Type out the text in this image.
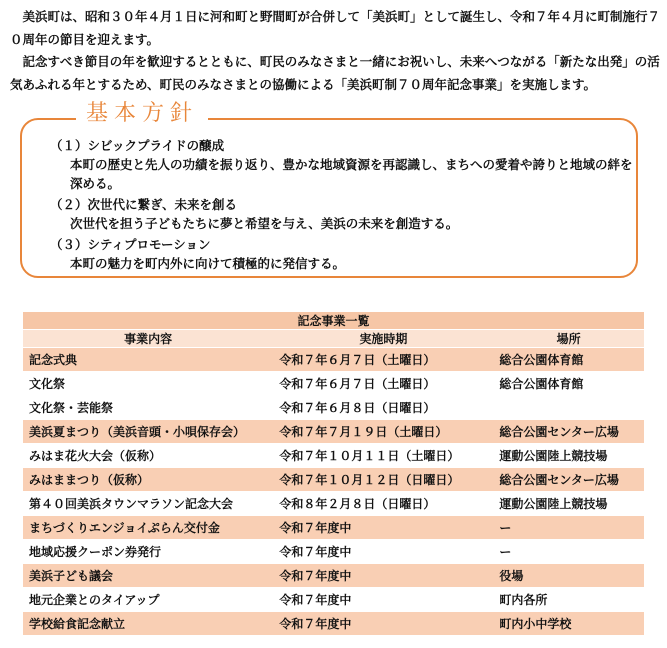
美浜町は、昭和３０年４月１日に河和町と野間町が合併して「美浜町」として誕生し、令和７年４月に町制施行７０周年の節目を迎えます。

記念すべき節目の年を歓迎するとともに、町民のみなさまと一緒にお祝いし、未来へつながる「新たな出発」の活気あふれる年とするため、町民のみなさまとの協働による「美浜町制７０周年記念事業」を実施します。

基本方針

（１）シビックプライドの醸成

本町の歴史と先人の功績を振り返り、豊かな地域資源を再認識し、まちへの愛着や誇りと地域の絆を深める。

（２）次世代に繋ぎ、未来を創る

次世代を担う子どもたちに夢と希望を与え、美浜の未来を創造する。

（３）シティプロモーション

本町の魅力を町内外に向けて積極的に発信する。

記念事業一覧		
事業内容	実施時期	場所
記念式典	令和７年６月７日（土曜日）	総合公園体育館
文化祭	令和７年６月７日（土曜日）	総合公園体育館
文化祭・芸能祭	令和７年６月８日（日曜日）	
美浜夏まつり（美浜音頭・小唄保存会）	令和７年７月１９日（土曜日）	総合公園センター広場
みはま花火大会（仮称）	令和７年１０月１１日（土曜日）	運動公園陸上競技場
みはままつり（仮称）	令和７年１０月１２日（日曜日）	総合公園センター広場
第４０回美浜タウンマラソン記念大会	令和８年２月８日（日曜日）	運動公園陸上競技場
まちづくりエンジョイぷらん交付金	令和７年度中	ー
地域応援クーポン券発行	令和７年度中	ー
美浜子ども議会	令和７年度中	役場
地元企業とのタイアップ	令和７年度中	町内各所
学校給食記念献立	令和７年度中	町内小中学校
